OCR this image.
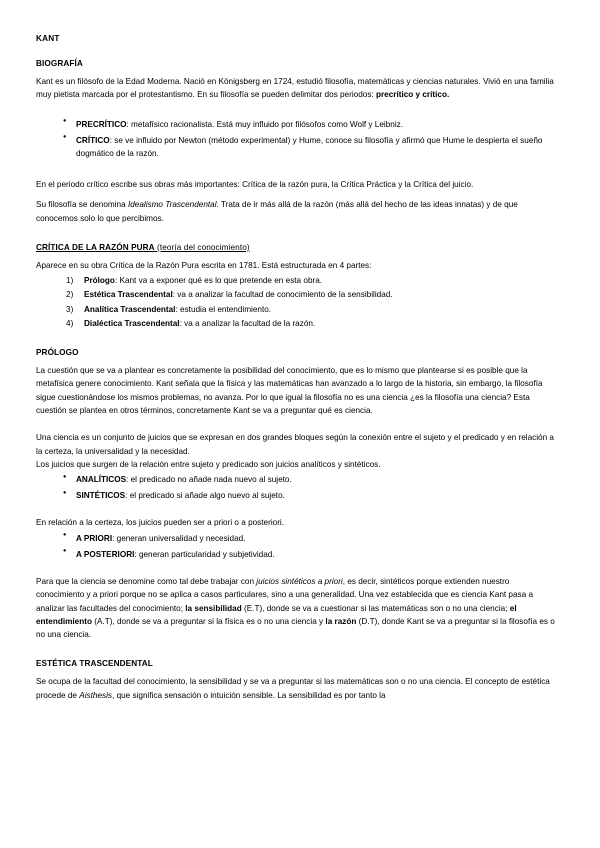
KANT
BIOGRAFÍA

Kant es un filósofo de la Edad Moderna. Nació en Königsberg en 1724, estudió filosofía, matemáticas y ciencias naturales. Vivió en una familia muy pietista marcada por el protestantismo. En su filosofía se pueden delimitar dos periodos: precrítico y crítico.

● PRECRÍTICO: metafísico racionalista. Está muy influido por filósofos como Wolf y Leibniz.
● CRÍTICO: se ve influido por Newton (método experimental) y Hume, conoce su filosofía y afirmó que Hume le despierta el sueño dogmático de la razón.

En el periodo crítico escribe sus obras más importantes: Crítica de la razón pura, la Crítica Práctica y la Crítica del juicio.

Su filosofía se denomina Idealismo Trascendental. Trata de ir más allá de la razón (más allá del hecho de las ideas innatas) y de que conocemos solo lo que percibimos.

CRÍTICA DE LA RAZÓN PURA (teoría del conocimiento)

Aparece en su obra Crítica de la Razón Pura escrita en 1781. Está estructurada en 4 partes:

Prólogo: Kant va a exponer qué es lo que pretende en esta obra.
Estética Trascendental: va a analizar la facultad de conocimiento de la sensibilidad.
Analítica Trascendental: estudia el entendimiento.
Dialéctica Trascendental: va a analizar la facultad de la razón.
PRÓLOGO

La cuestión que se va a plantear es concretamente la posibilidad del conocimiento, que es lo mismo que plantearse si es posible que la metafísica genere conocimiento. Kant señala que la física y las matemáticas han avanzado a lo largo de la historia, sin embargo, la filosofía sigue cuestionándose los mismos problemas, no avanza. Por lo que igual la filosofía no es una ciencia ¿es la filosofía una ciencia? Esta cuestión se plantea en otros términos, concretamente Kant se va a preguntar qué es ciencia.

Una ciencia es un conjunto de juicios que se expresan en dos grandes bloques según la conexión entre el sujeto y el predicado y en relación a la certeza, la universalidad y la necesidad.

Los juicios que surgen de la relación entre sujeto y predicado son juicios analíticos y sintéticos.

● ANALÍTICOS: el predicado no añade nada nuevo al sujeto.
● SINTÉTICOS: el predicado si añade algo nuevo al sujeto.

En relación a la certeza, los juicios pueden ser a priori o a posteriori.

● A PRIORI: generan universalidad y necesidad.
● A POSTERIORI: generan particularidad y subjetividad.

Para que la ciencia se denomine como tal debe trabajar con juicios sintéticos a priori, es decir, sintéticos porque extienden nuestro conocimiento y a priori porque no se aplica a casos particulares, sino a una generalidad. Una vez establecida que es ciencia Kant pasa a analizar las facultades del conocimiento; la sensibilidad (E.T), donde se va a cuestionar si las matemáticas son o no una ciencia; el entendimiento (A.T), donde se va a preguntar si la física es o no una ciencia y la razón (D.T), donde Kant se va a preguntar si la filosofía es o no una ciencia.

ESTÉTICA TRASCENDENTAL

Se ocupa de la facultad del conocimiento, la sensibilidad y se va a preguntar si las matemáticas son o no una ciencia. El concepto de estética procede de Aisthesis, que significa sensación o intuición sensible. La sensibilidad es por tanto la
